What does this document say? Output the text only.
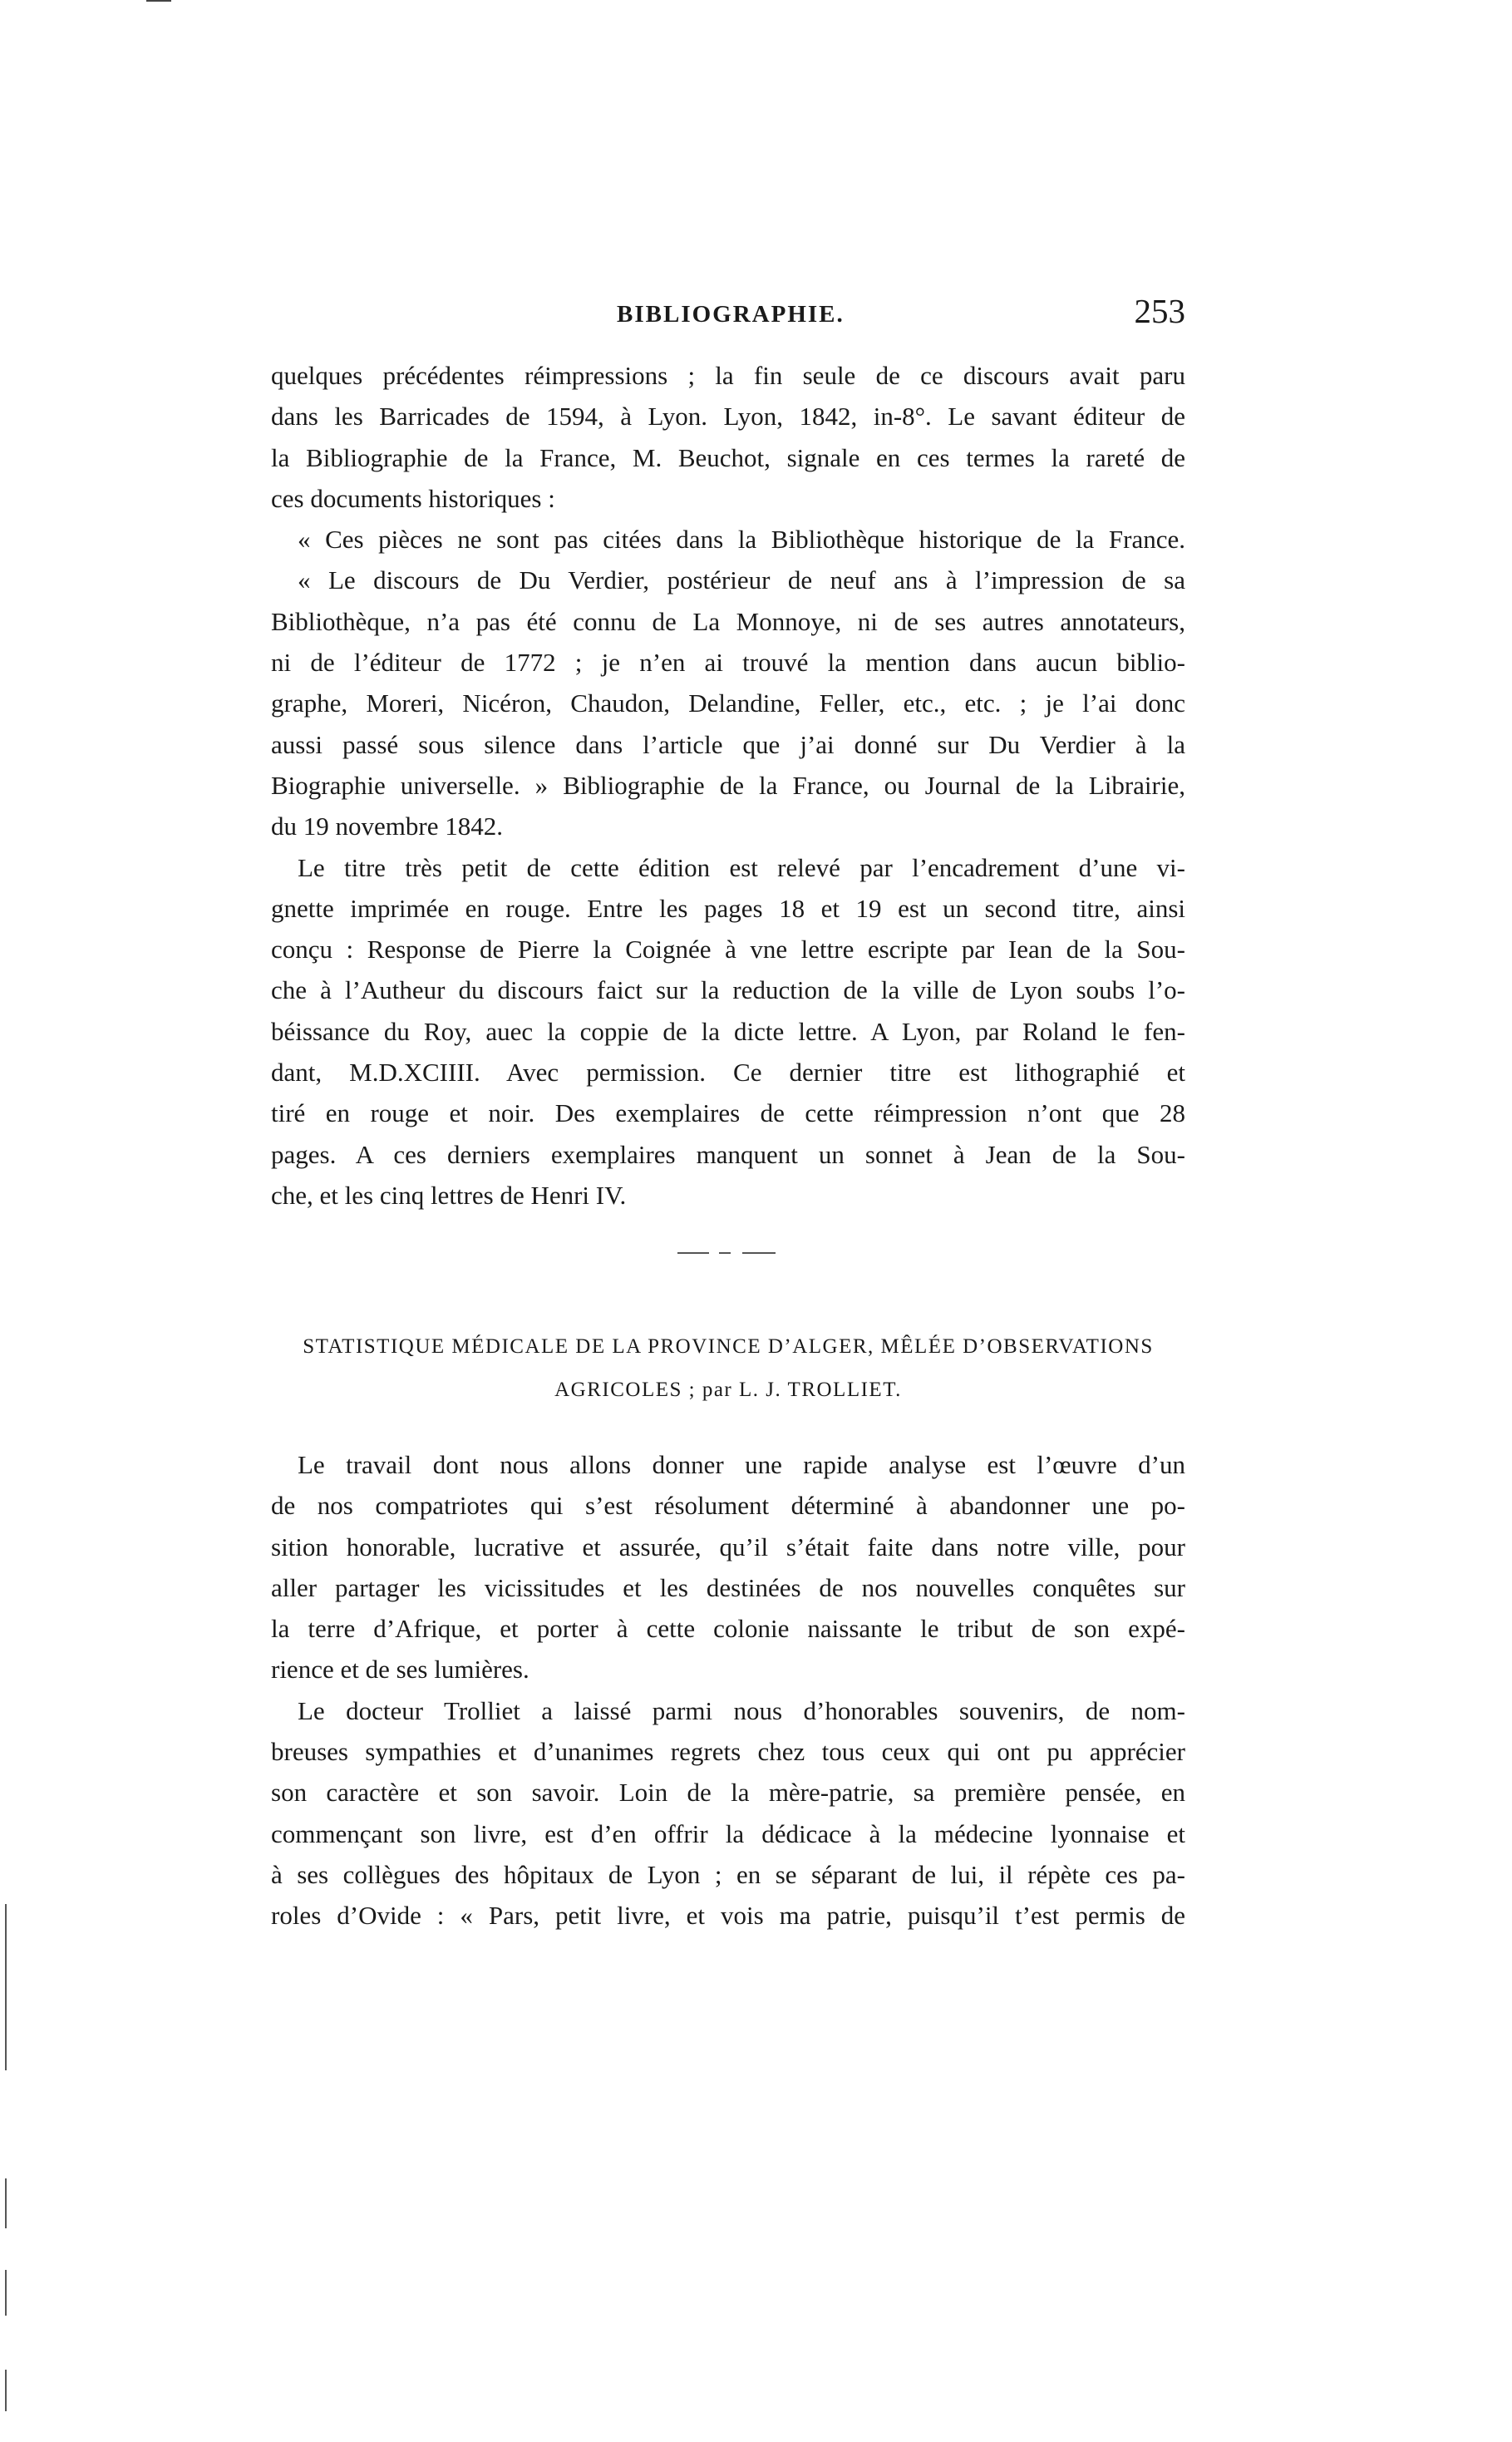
BIBLIOGRAPHIE.	253
quelques précédentes réimpressions ; la fin seule de ce discours avait paru
dans les Barricades de 1594, à Lyon. Lyon, 1842, in-8°. Le savant éditeur de
la Bibliographie de la France, M. Beuchot, signale en ces termes la rareté de
ces documents historiques :
« Ces pièces ne sont pas citées dans la Bibliothèque historique de la France.
« Le discours de Du Verdier, postérieur de neuf ans à l’impression de sa
Bibliothèque, n’a pas été connu de La Monnoye, ni de ses autres annotateurs,
ni de l’éditeur de 1772 ; je n’en ai trouvé la mention dans aucun biblio-
graphe, Moreri, Nicéron, Chaudon, Delandine, Feller, etc., etc. ; je l’ai donc
aussi passé sous silence dans l’article que j’ai donné sur Du Verdier à la
Biographie universelle. » Bibliographie de la France, ou Journal de la Librairie,
du 19 novembre 1842.
Le titre très petit de cette édition est relevé par l’encadrement d’une vi-
gnette imprimée en rouge. Entre les pages 18 et 19 est un second titre, ainsi
conçu : Response de Pierre la Coignée à vne lettre escripte par Iean de la Sou-
che à l’Autheur du discours faict sur la reduction de la ville de Lyon soubs l’o-
béissance du Roy, auec la coppie de la dicte lettre. A Lyon, par Roland le fen-
dant, M.D.XCIIII. Avec permission. Ce dernier titre est lithographié et
tiré en rouge et noir. Des exemplaires de cette réimpression n’ont que 28
pages. A ces derniers exemplaires manquent un sonnet à Jean de la Sou-
che, et les cinq lettres de Henri IV.
STATISTIQUE MÉDICALE DE LA PROVINCE D’ALGER, MÊLÉE D’OBSERVATIONS
AGRICOLES ; par L. J. TROLLIET.
Le travail dont nous allons donner une rapide analyse est l’œuvre d’un
de nos compatriotes qui s’est résolument déterminé à abandonner une po-
sition honorable, lucrative et assurée, qu’il s’était faite dans notre ville, pour
aller partager les vicissitudes et les destinées de nos nouvelles conquêtes sur
la terre d’Afrique, et porter à cette colonie naissante le tribut de son expé-
rience et de ses lumières.
Le docteur Trolliet a laissé parmi nous d’honorables souvenirs, de nom-
breuses sympathies et d’unanimes regrets chez tous ceux qui ont pu apprécier
son caractère et son savoir. Loin de la mère-patrie, sa première pensée, en
commençant son livre, est d’en offrir la dédicace à la médecine lyonnaise et
à ses collègues des hôpitaux de Lyon ; en se séparant de lui, il répète ces pa-
roles d’Ovide : « Pars, petit livre, et vois ma patrie, puisqu’il t’est permis de
